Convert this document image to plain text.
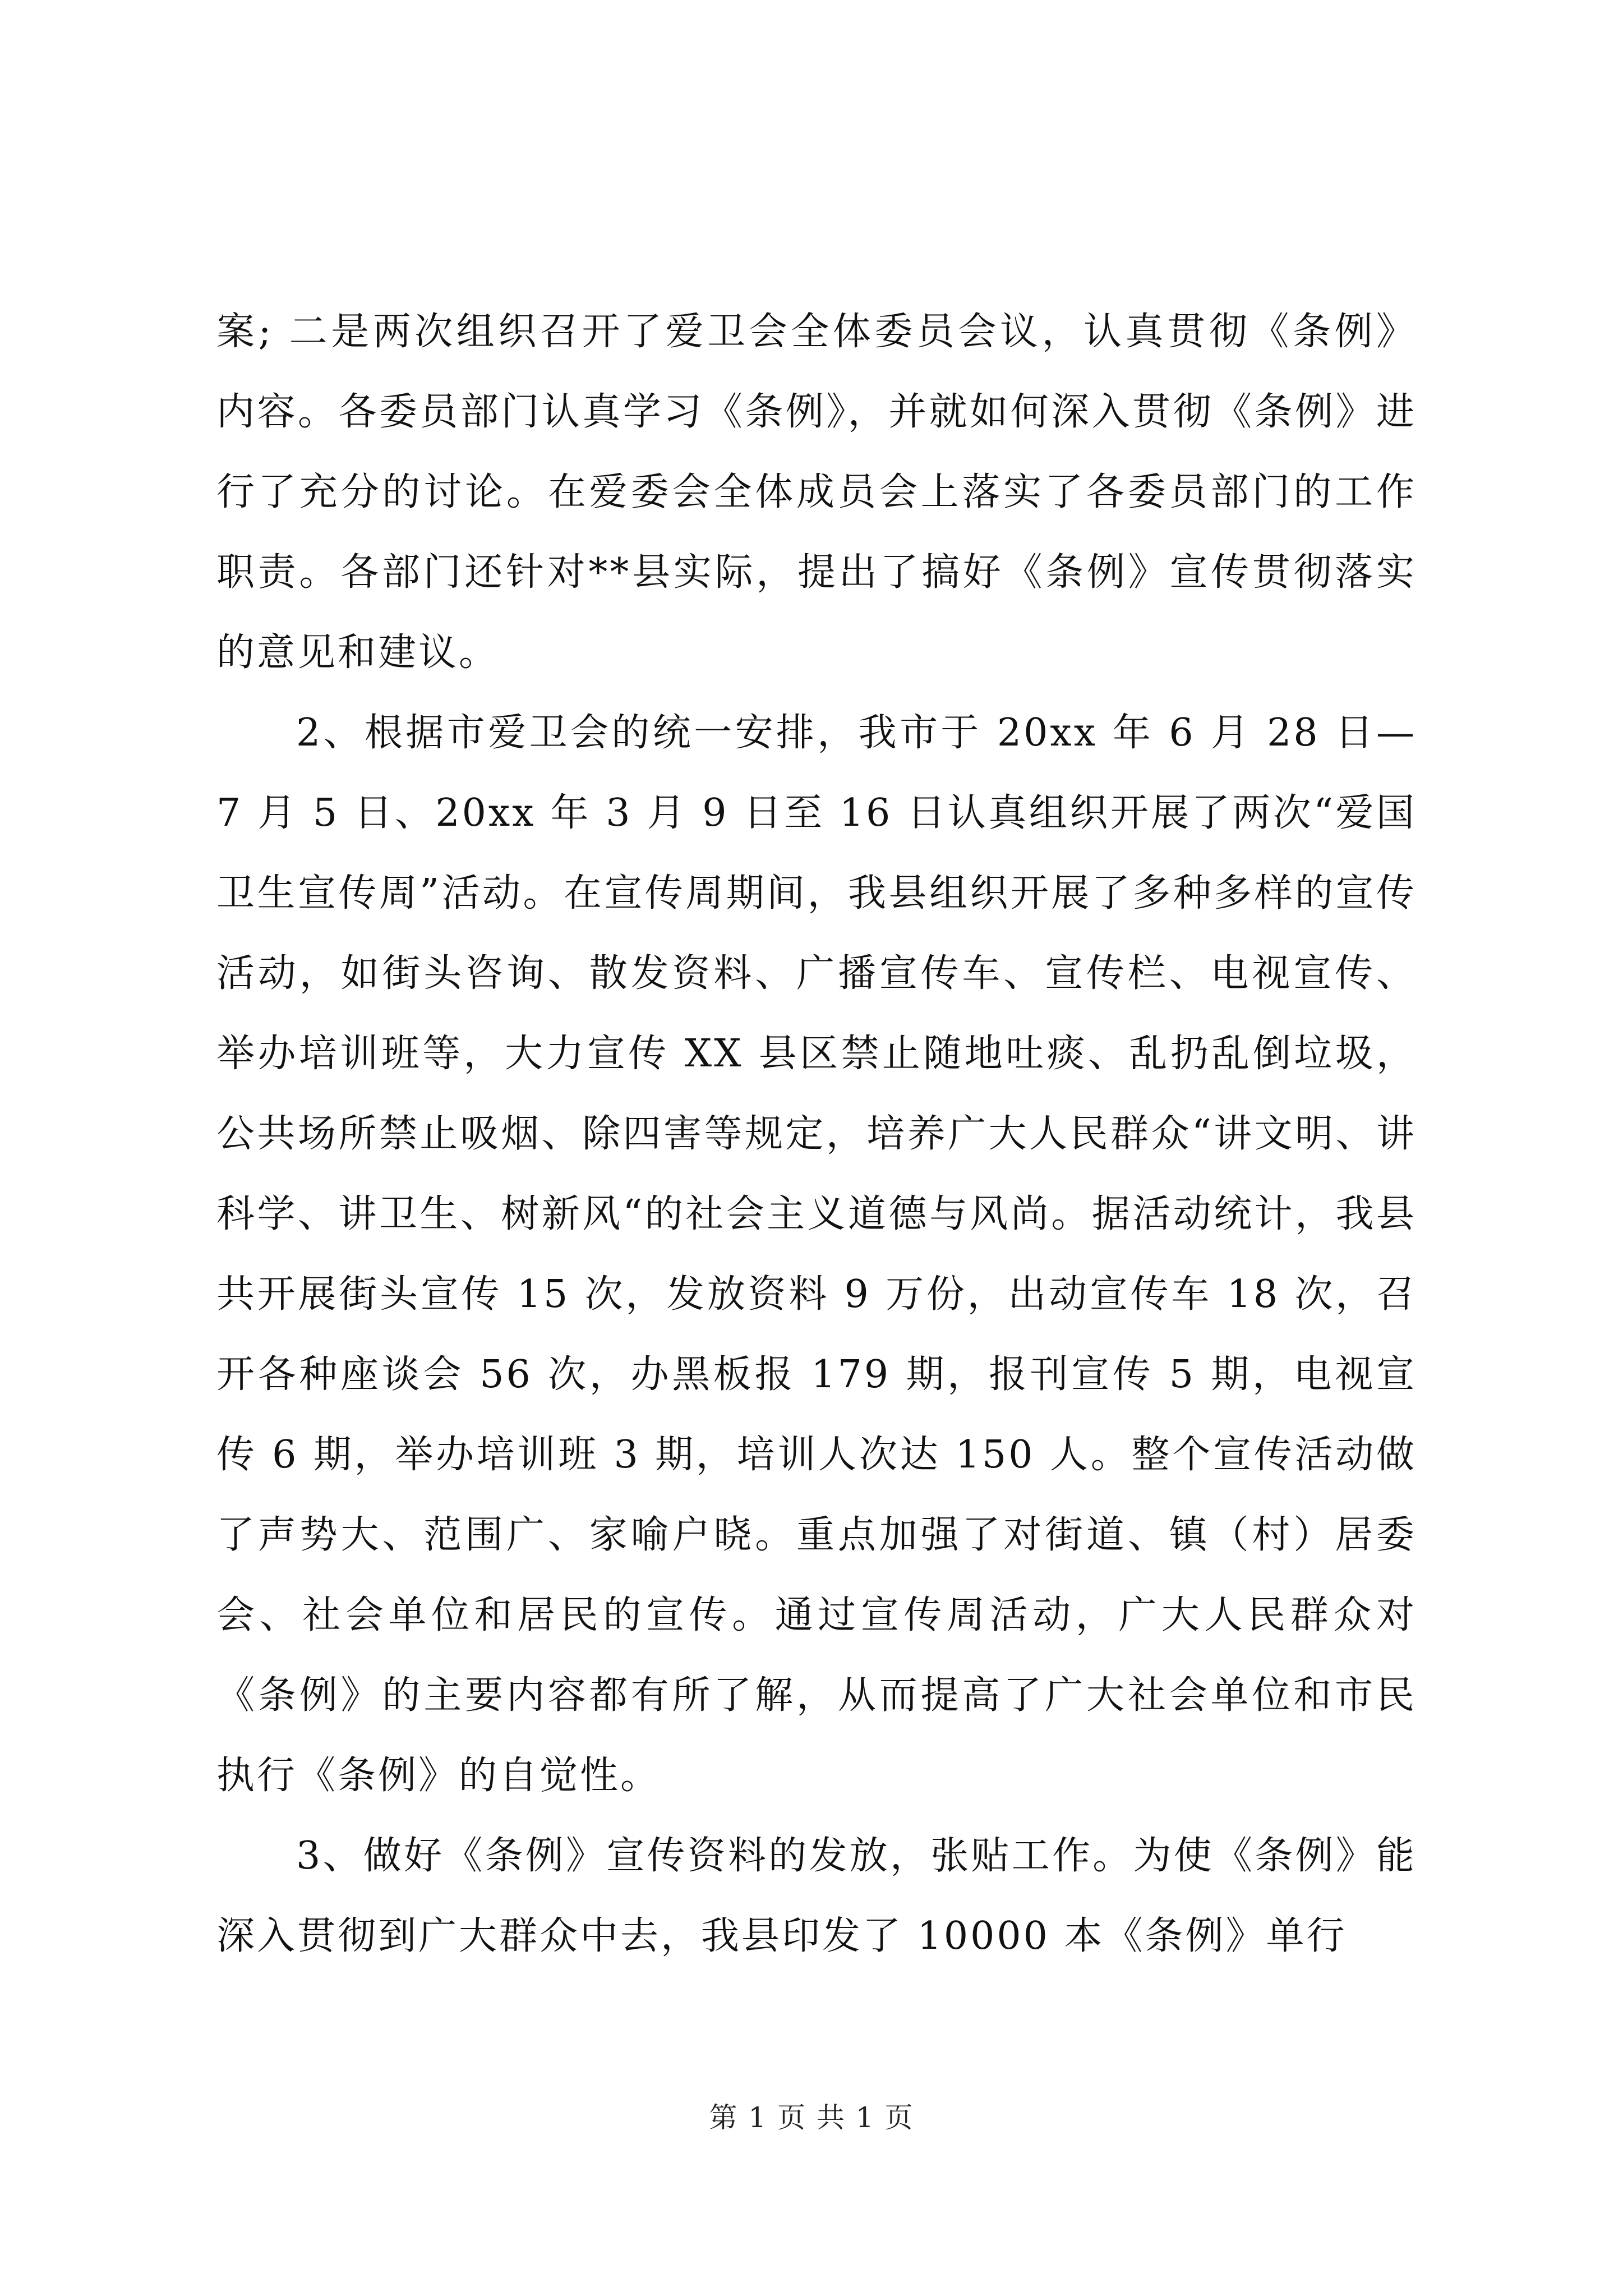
案; 二是两次组织召开了爱卫会全体委员会议，认真贯彻《条例》内容。各委员部门认真学习《条例》，并就如何深入贯彻《条例》进行了充分的讨论。在爱委会全体成员会上落实了各委员部门的工作职责。各部门还针对**县实际，提出了搞好《条例》宣传贯彻落实的意见和建议。

2、根据市爱卫会的统一安排，我市于 20xx 年 6 月 28 日—7 月 5 日、20xx 年 3 月 9 日至 16 日认真组织开展了两次“爱国卫生宣传周”活动。在宣传周期间，我县组织开展了多种多样的宣传活动，如街头咨询、散发资料、广播宣传车、宣传栏、电视宣传、举办培训班等，大力宣传 XX 县区禁止随地吐痰、乱扔乱倒垃圾，公共场所禁止吸烟、除四害等规定，培养广大人民群众“讲文明、讲科学、讲卫生、树新风“的社会主义道德与风尚。据活动统计，我县共开展街头宣传 15 次，发放资料 9 万份，出动宣传车 18 次，召开各种座谈会 56 次，办黑板报 179 期，报刊宣传 5 期，电视宣传 6 期，举办培训班 3 期，培训人次达 150 人。整个宣传活动做了声势大、范围广、家喻户晓。重点加强了对街道、镇（村）居委会、社会单位和居民的宣传。通过宣传周活动，广大人民群众对《条例》的主要内容都有所了解，从而提高了广大社会单位和市民执行《条例》的自觉性。

3、做好《条例》宣传资料的发放，张贴工作。为使《条例》能深入贯彻到广大群众中去，我县印发了 10000 本《条例》单行

第 1 页 共 1 页
